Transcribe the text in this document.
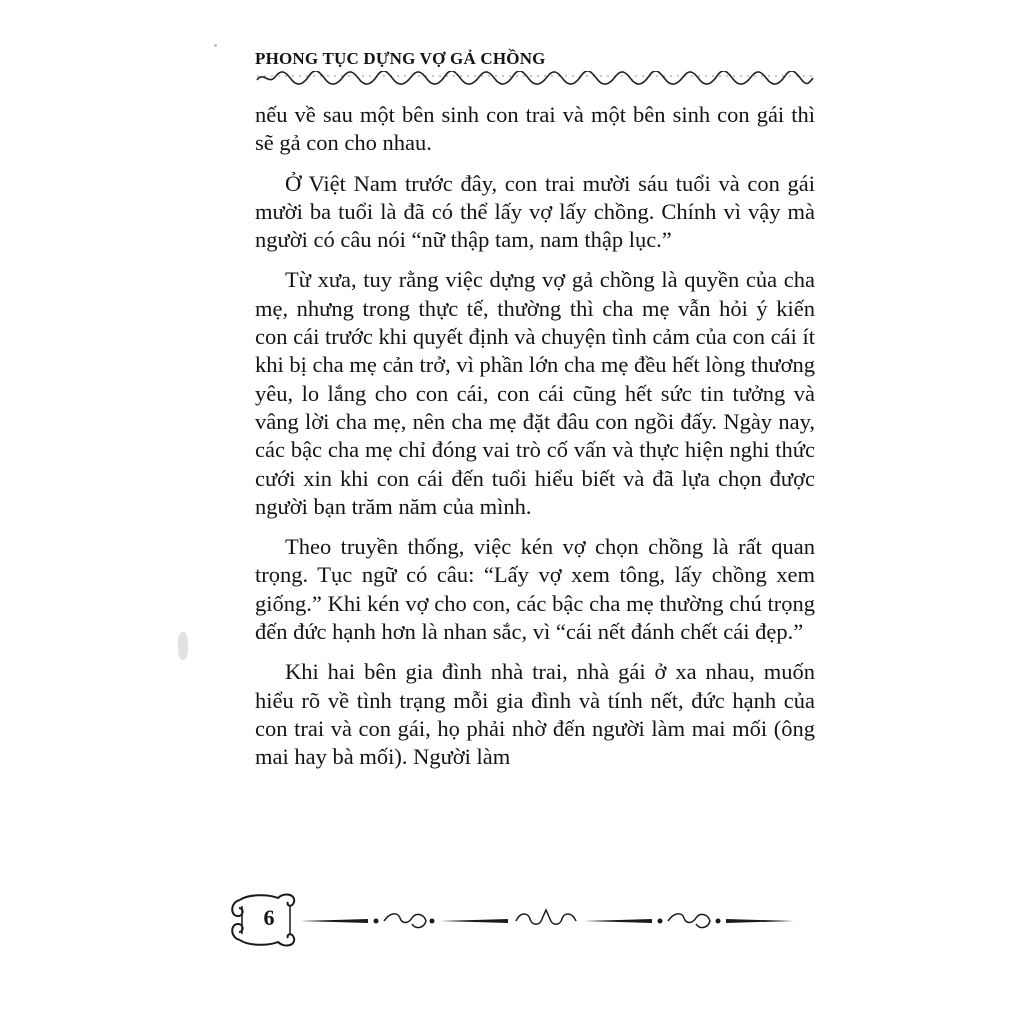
PHONG TỤC DỰNG VỢ GẢ CHỒNG

nếu về sau một bên sinh con trai và một bên sinh con gái thì sẽ gả con cho nhau.

Ở Việt Nam trước đây, con trai mười sáu tuổi và con gái mười ba tuổi là đã có thể lấy vợ lấy chồng. Chính vì vậy mà người có câu nói “nữ thập tam, nam thập lục.”

Từ xưa, tuy rằng việc dựng vợ gả chồng là quyền của cha mẹ, nhưng trong thực tế, thường thì cha mẹ vẫn hỏi ý kiến con cái trước khi quyết định và chuyện tình cảm của con cái ít khi bị cha mẹ cản trở, vì phần lớn cha mẹ đều hết lòng thương yêu, lo lắng cho con cái, con cái cũng hết sức tin tưởng và vâng lời cha mẹ, nên cha mẹ đặt đâu con ngồi đấy. Ngày nay, các bậc cha mẹ chỉ đóng vai trò cố vấn và thực hiện nghi thức cưới xin khi con cái đến tuổi hiểu biết và đã lựa chọn được người bạn trăm năm của mình.

Theo truyền thống, việc kén vợ chọn chồng là rất quan trọng. Tục ngữ có câu: “Lấy vợ xem tông, lấy chồng xem giống.” Khi kén vợ cho con, các bậc cha mẹ thường chú trọng đến đức hạnh hơn là nhan sắc, vì “cái nết đánh chết cái đẹp.”

Khi hai bên gia đình nhà trai, nhà gái ở xa nhau, muốn hiểu rõ về tình trạng mỗi gia đình và tính nết, đức hạnh của con trai và con gái, họ phải nhờ đến người làm mai mối (ông mai hay bà mối). Người làm

6
